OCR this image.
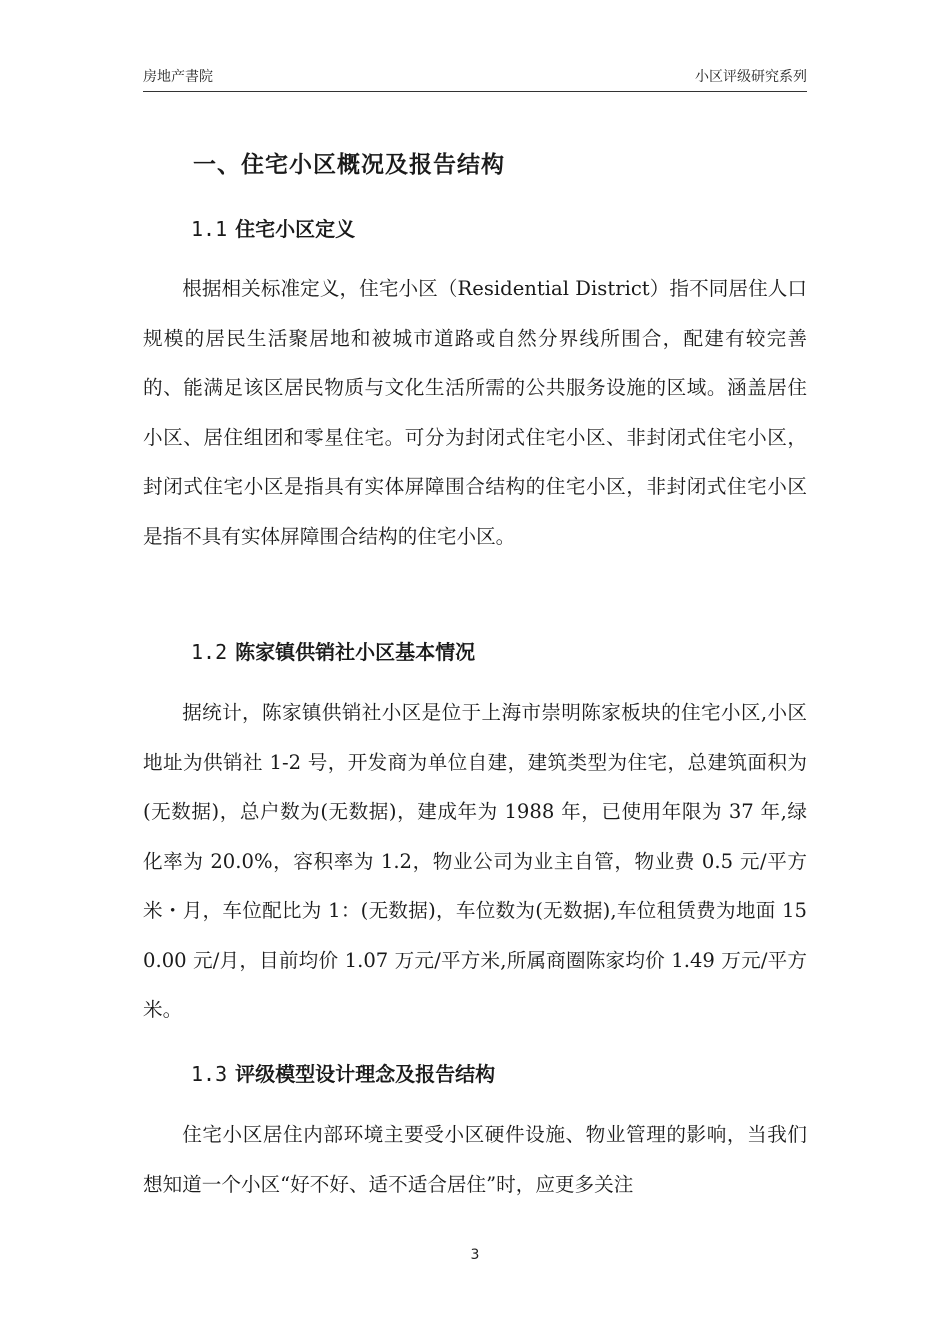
房地产書院	小区评级研究系列
一、住宅小区概况及报告结构
1.1 住宅小区定义
根据相关标准定义，住宅小区（Residential District）指不同居住人口规模的居民生活聚居地和被城市道路或自然分界线所围合，配建有较完善的、能满足该区居民物质与文化生活所需的公共服务设施的区域。涵盖居住小区、居住组团和零星住宅。可分为封闭式住宅小区、非封闭式住宅小区，封闭式住宅小区是指具有实体屏障围合结构的住宅小区，非封闭式住宅小区是指不具有实体屏障围合结构的住宅小区。
1.2 陈家镇供销社小区基本情况
据统计，陈家镇供销社小区是位于上海市崇明陈家板块的住宅小区,小区地址为供销社 1-2 号，开发商为单位自建，建筑类型为住宅，总建筑面积为(无数据)，总户数为(无数据)，建成年为 1988 年，已使用年限为 37 年,绿化率为 20.0%，容积率为 1.2，物业公司为业主自管，物业费 0.5 元/平方米・月，车位配比为 1：(无数据)，车位数为(无数据),车位租赁费为地面 150.00 元/月，目前均价 1.07 万元/平方米,所属商圈陈家均价 1.49 万元/平方米。
1.3 评级模型设计理念及报告结构
住宅小区居住内部环境主要受小区硬件设施、物业管理的影响，当我们想知道一个小区“好不好、适不适合居住”时，应更多关注
3
